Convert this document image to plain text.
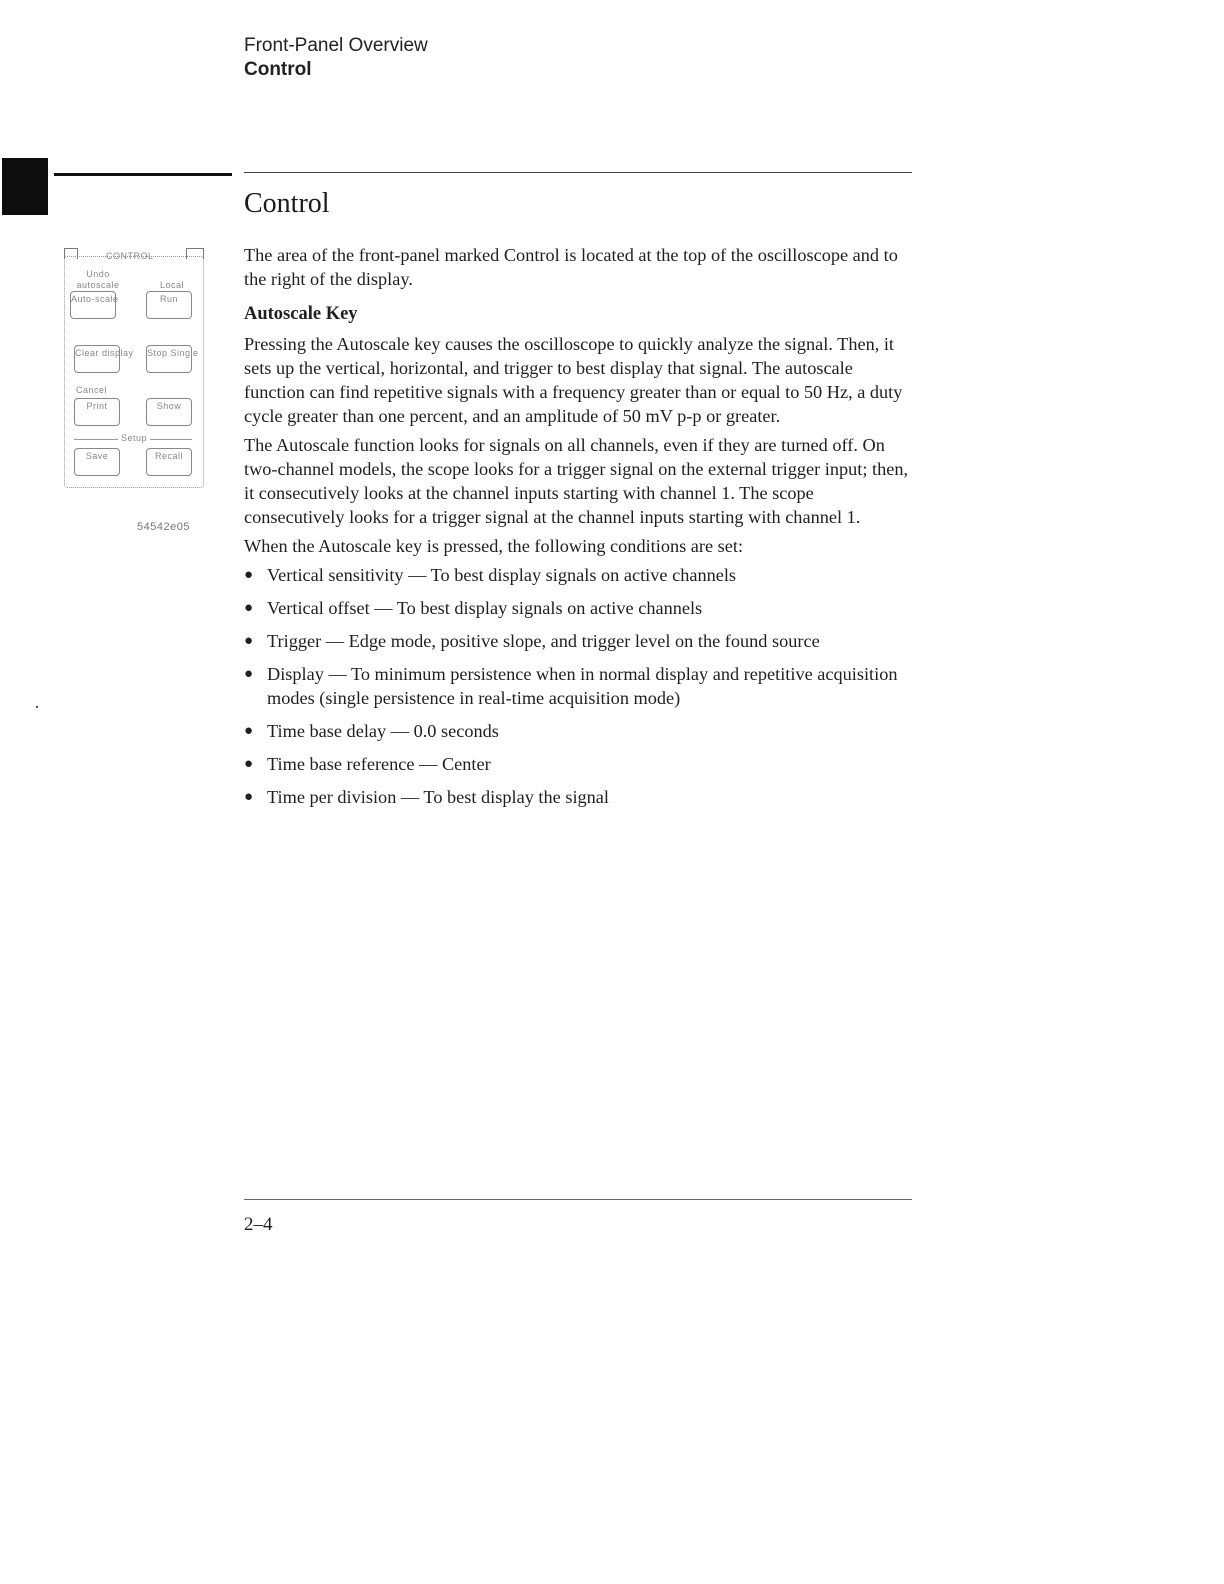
Front-Panel Overview
Control
Control
CONTROL
Undo autoscale	Local
Auto-scale	Run
Clear display Stop Single
Cancel
Print	Show
Setup
Save	Recall
54542e05

The area of the front-panel marked Control is located at the top of the oscilloscope and to the right of the display.

Autoscale Key

Pressing the Autoscale key causes the oscilloscope to quickly analyze the signal. Then, it sets up the vertical, horizontal, and trigger to best display that signal. The autoscale function can find repetitive signals with a frequency greater than or equal to 50 Hz, a duty cycle greater than one percent, and an amplitude of 50 mV p-p or greater.

The Autoscale function looks for signals on all channels, even if they are turned off. On two-channel models, the scope looks for a trigger signal on the external trigger input; then, it consecutively looks at the channel inputs starting with channel 1. The scope consecutively looks for a trigger signal at the channel inputs starting with channel 1.

When the Autoscale key is pressed, the following conditions are set:

● Vertical sensitivity — To best display signals on active channels
● Vertical offset — To best display signals on active channels
● Trigger — Edge mode, positive slope, and trigger level on the found source
● Display — To minimum persistence when in normal display and repetitive acquisition modes (single persistence in real-time acquisition mode)
● Time base delay — 0.0 seconds
● Time base reference — Center
● Time per division — To best display the signal
2–4
